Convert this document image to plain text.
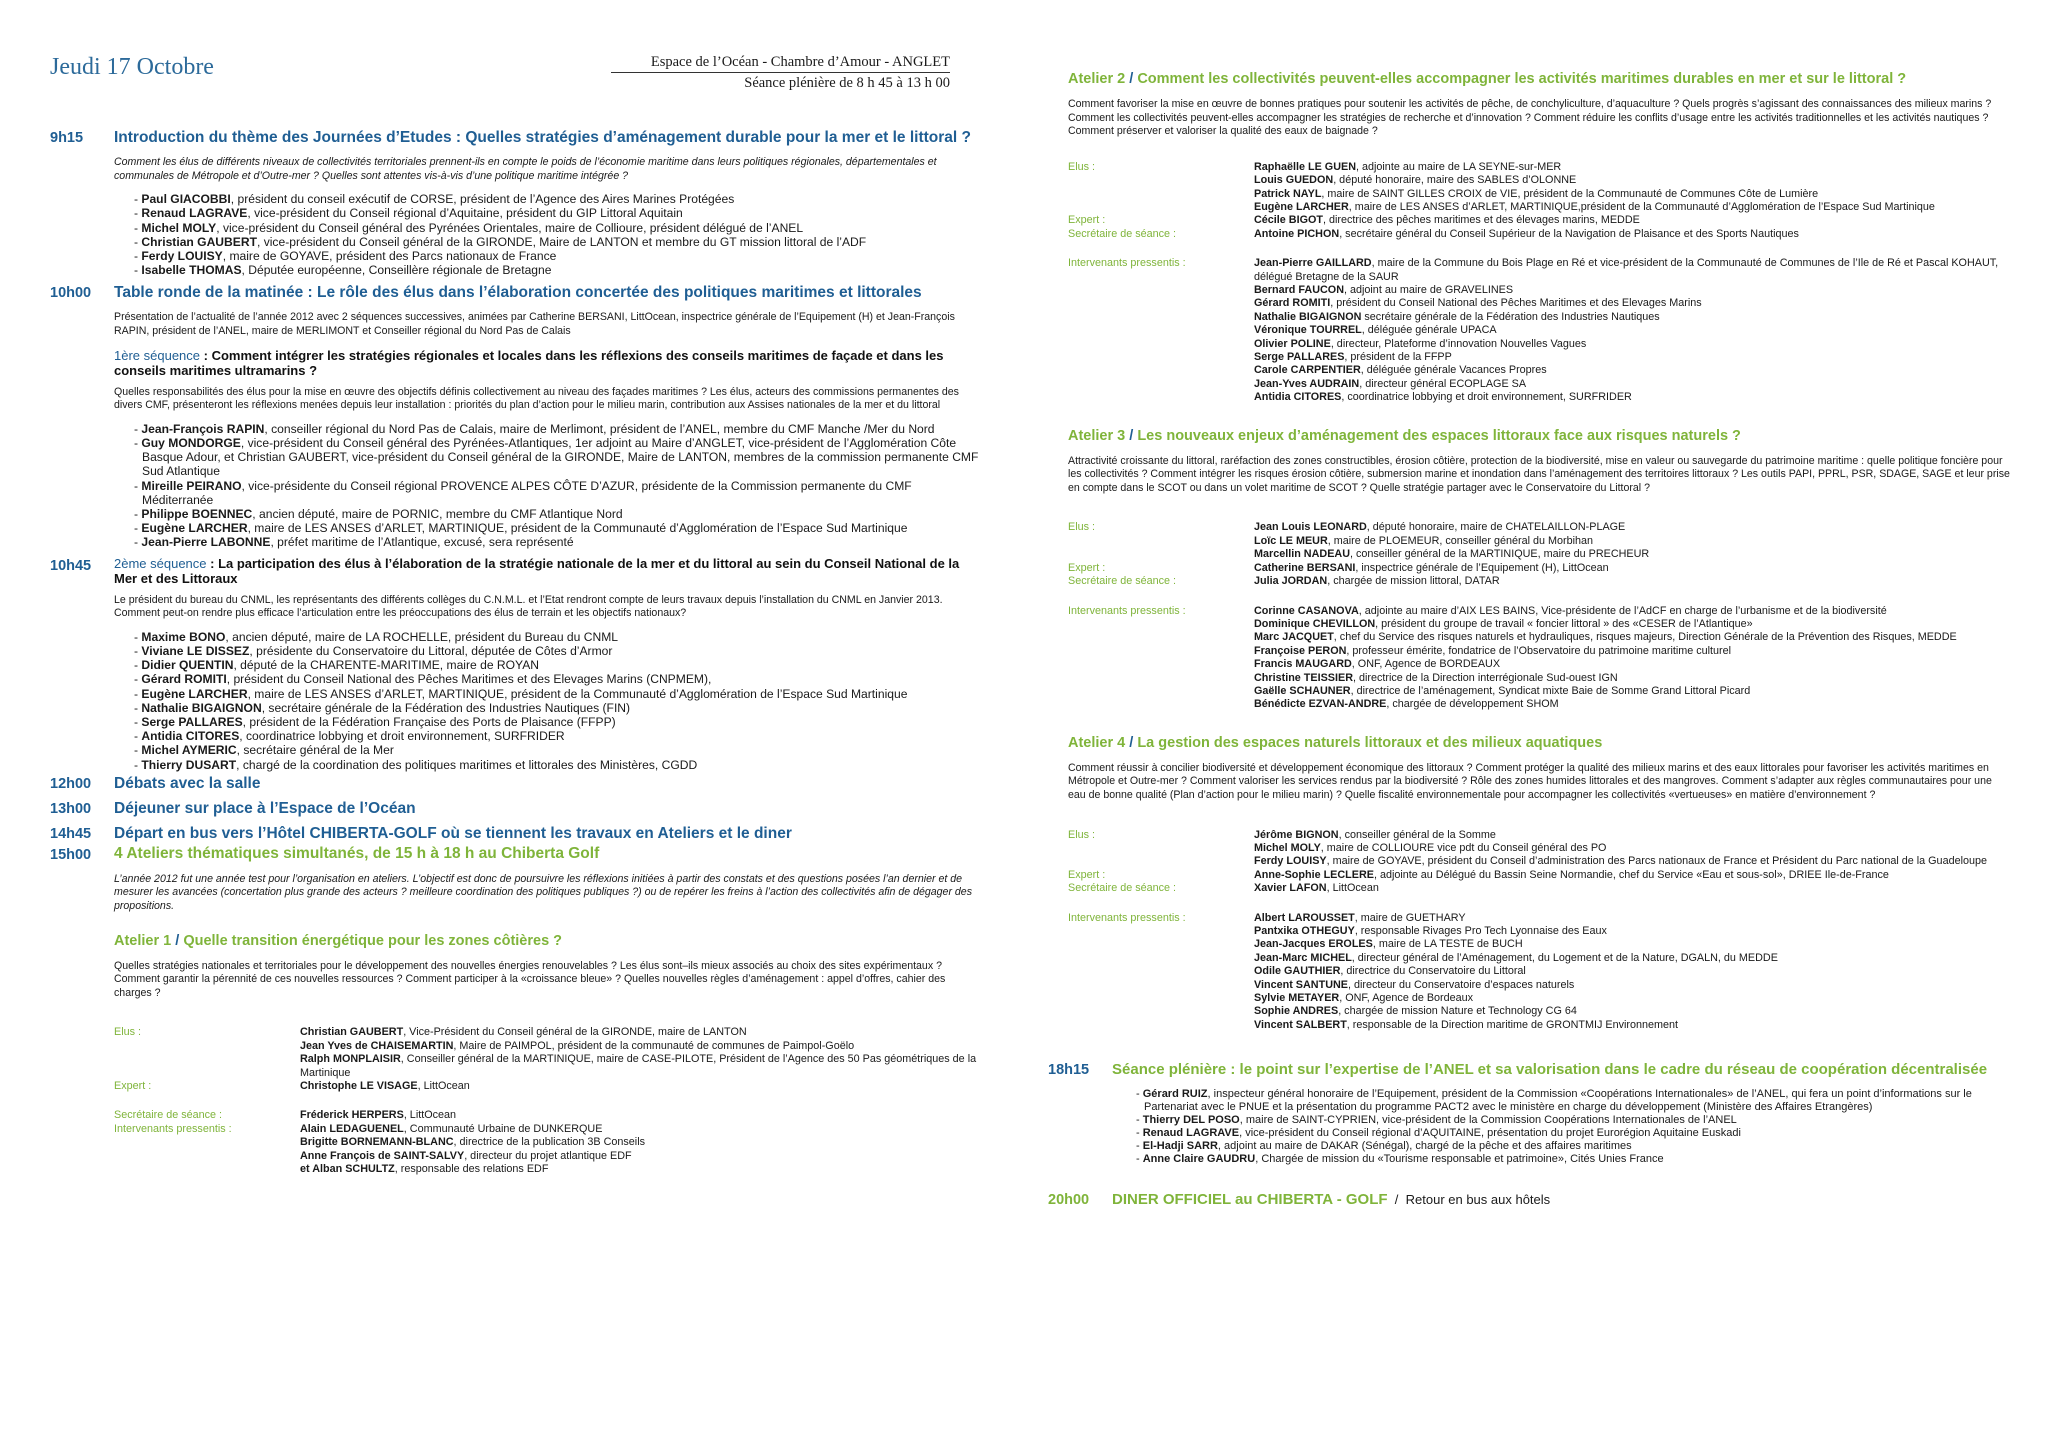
Jeudi 17 Octobre	Espace de l’Océan - Chambre d’Amour - ANGLET
Séance plénière de 8 h 45 à 13 h 00
9h15	Introduction du thème des Journées d’Etudes : Quelles stratégies d’aménagement durable pour la mer et le littoral ?
Comment les élus de différents niveaux de collectivités territoriales prennent-ils en compte le poids de l’économie maritime dans leurs politiques régionales, départementales et communales de Métropole et d’Outre-mer ? Quelles sont attentes vis-à-vis d’une politique maritime intégrée ?
- Paul GIACOBBI, président du conseil exécutif de CORSE, président de l’Agence des Aires Marines Protégées
- Renaud LAGRAVE, vice-président du Conseil régional d’Aquitaine, président du GIP Littoral Aquitain
- Michel MOLY, vice-président du Conseil général des Pyrénées Orientales, maire de Collioure, président délégué de l’ANEL
- Christian GAUBERT, vice-président du Conseil général de la GIRONDE, Maire de LANTON et membre du GT mission littoral de l’ADF
- Ferdy LOUISY, maire de GOYAVE, président des Parcs nationaux de France
- Isabelle THOMAS, Députée européenne, Conseillère régionale de Bretagne
10h00	Table ronde de la matinée : Le rôle des élus dans l’élaboration concertée des politiques maritimes et littorales
Présentation de l’actualité de l’année 2012 avec 2 séquences successives, animées par Catherine BERSANI, LittOcean, inspectrice générale de l’Equipement (H) et Jean-François RAPIN, président de l’ANEL, maire de MERLIMONT et Conseiller régional du Nord Pas de Calais
1ère séquence : Comment intégrer les stratégies régionales et locales dans les réflexions des conseils maritimes de façade et dans les conseils maritimes ultramarins ?
Quelles responsabilités des élus pour la mise en œuvre des objectifs définis collectivement au niveau des façades maritimes ? Les élus, acteurs des commissions permanentes des divers CMF, présenteront les réflexions menées depuis leur installation : priorités du plan d’action pour le milieu marin, contribution aux Assises nationales de la mer et du littoral
- Jean-François RAPIN, conseiller régional du Nord Pas de Calais, maire de Merlimont, président de l’ANEL, membre du CMF Manche /Mer du Nord
- Guy MONDORGE, vice-président du Conseil général des Pyrénées-Atlantiques, 1er adjoint au Maire d’ANGLET, vice-président de l’Agglomération Côte Basque Adour, et Christian GAUBERT, vice-président du Conseil général de la GIRONDE, Maire de LANTON, membres de la commission permanente CMF Sud Atlantique
- Mireille PEIRANO, vice-présidente du Conseil régional PROVENCE ALPES CÔTE D’AZUR, présidente de la Commission permanente du CMF Méditerranée
- Philippe BOENNEC, ancien député, maire de PORNIC, membre du CMF Atlantique Nord
- Eugène LARCHER, maire de LES ANSES d’ARLET, MARTINIQUE, président de la Communauté d’Agglomération de l’Espace Sud Martinique
- Jean-Pierre LABONNE, préfet maritime de l’Atlantique, excusé, sera représenté
10h45	2ème séquence : La participation des élus à l’élaboration de la stratégie nationale de la mer et du littoral au sein du Conseil National de la Mer et des Littoraux
Le président du bureau du CNML, les représentants des différents collèges du C.N.M.L. et l’Etat rendront compte de leurs travaux depuis l’installation du CNML en Janvier 2013. Comment peut-on rendre plus efficace l’articulation entre les préoccupations des élus de terrain et les objectifs nationaux?
- Maxime BONO, ancien député, maire de LA ROCHELLE, président du Bureau du CNML
- Viviane LE DISSEZ, présidente du Conservatoire du Littoral, députée de Côtes d’Armor
- Didier QUENTIN, député de la CHARENTE-MARITIME, maire de ROYAN
- Gérard ROMITI, président du Conseil National des Pêches Maritimes et des Elevages Marins (CNPMEM),
- Eugène LARCHER, maire de LES ANSES d’ARLET, MARTINIQUE, président de la Communauté d’Agglomération de l’Espace Sud Martinique
- Nathalie BIGAIGNON, secrétaire générale de la Fédération des Industries Nautiques (FIN)
- Serge PALLARES, président de la Fédération Française des Ports de Plaisance (FFPP)
- Antidia CITORES, coordinatrice lobbying et droit environnement, SURFRIDER
- Michel AYMERIC, secrétaire général de la Mer
- Thierry DUSART, chargé de la coordination des politiques maritimes et littorales des Ministères, CGDD
12h00	Débats avec la salle
13h00	Déjeuner sur place à l’Espace de l’Océan
14h45	Départ en bus vers l’Hôtel CHIBERTA-GOLF où se tiennent les travaux en Ateliers et le diner
15h00	4 Ateliers thématiques simultanés, de 15 h à 18 h au Chiberta Golf
L’année 2012 fut une année test pour l’organisation en ateliers. L’objectif est donc de poursuivre les réflexions initiées à partir des constats et des questions posées l’an dernier et de mesurer les avancées (concertation plus grande des acteurs ? meilleure coordination des politiques publiques ?) ou de repérer les freins à l’action des collectivités afin de dégager des propositions.
Atelier 1 / Quelle transition énergétique pour les zones côtières ?
Quelles stratégies nationales et territoriales pour le développement des nouvelles énergies renouvelables ? Les élus sont–ils mieux associés au choix des sites expérimentaux ? Comment garantir la pérennité de ces nouvelles ressources ? Comment participer à la «croissance bleue» ? Quelles nouvelles règles d’aménagement : appel d’offres, cahier des charges ?
Elus :	Christian GAUBERT, Vice-Président du Conseil général de la GIRONDE, maire de LANTON
Jean Yves de CHAISEMARTIN, Maire de PAIMPOL, président de la communauté de communes de Paimpol-Goëlo
Ralph MONPLAISIR, Conseiller général de la MARTINIQUE, maire de CASE-PILOTE, Président de l’Agence des 50 Pas géométriques de la Martinique
Expert :	Christophe LE VISAGE, LittOcean
Secrétaire de séance :	Fréderick HERPERS, LittOcean
Intervenants pressentis :	Alain LEDAGUENEL, Communauté Urbaine de DUNKERQUE
Brigitte BORNEMANN-BLANC, directrice de la publication 3B Conseils
Anne François de SAINT-SALVY, directeur du projet atlantique EDF
et Alban SCHULTZ, responsable des relations EDF
Atelier 2 / Comment les collectivités peuvent-elles accompagner les activités maritimes durables en mer et sur le littoral ?
Comment favoriser la mise en œuvre de bonnes pratiques pour soutenir les activités de pêche, de conchyliculture, d’aquaculture ? Quels progrès s’agissant des connaissances des milieux marins ? Comment les collectivités peuvent-elles accompagner les stratégies de recherche et d’innovation ? Comment réduire les conflits d’usage entre les activités traditionnelles et les activités nautiques ? Comment préserver et valoriser la qualité des eaux de baignade ?
Elus :	Raphaëlle LE GUEN, adjointe au maire de LA SEYNE-sur-MER
Louis GUEDON, député honoraire, maire des SABLES d’OLONNE
Patrick NAYL, maire de SAINT GILLES CROIX de VIE, président de la Communauté de Communes Côte de Lumière
Eugène LARCHER, maire de LES ANSES d’ARLET, MARTINIQUE,président de la Communauté d’Agglomération de l’Espace Sud Martinique
Expert :	Cécile BIGOT, directrice des pêches maritimes et des élevages marins, MEDDE
Secrétaire de séance :	Antoine PICHON, secrétaire général du Conseil Supérieur de la Navigation de Plaisance et des Sports Nautiques
Intervenants pressentis :	Jean-Pierre GAILLARD, maire de la Commune du Bois Plage en Ré et vice-président de la Communauté de Communes de l’Ile de Ré et Pascal KOHAUT, délégué Bretagne de la SAUR
Bernard FAUCON, adjoint au maire de GRAVELINES
Gérard ROMITI, président du Conseil National des Pêches Maritimes et des Elevages Marins
Nathalie BIGAIGNON secrétaire générale de la Fédération des Industries Nautiques
Véronique TOURREL, déléguée générale UPACA
Olivier POLINE, directeur, Plateforme d’innovation Nouvelles Vagues
Serge PALLARES, président de la FFPP
Carole CARPENTIER, déléguée générale Vacances Propres
Jean-Yves AUDRAIN, directeur général ECOPLAGE SA
Antidia CITORES, coordinatrice lobbying et droit environnement, SURFRIDER
Atelier 3 / Les nouveaux enjeux d’aménagement des espaces littoraux face aux risques naturels ?
Attractivité croissante du littoral, raréfaction des zones constructibles, érosion côtière, protection de la biodiversité, mise en valeur ou sauvegarde du patrimoine maritime : quelle politique foncière pour les collectivités ? Comment intégrer les risques érosion côtière, submersion marine et inondation dans l’aménagement des territoires littoraux ? Les outils PAPI, PPRL, PSR, SDAGE, SAGE et leur prise en compte dans le SCOT ou dans un volet maritime de SCOT ? Quelle stratégie partager avec le Conservatoire du Littoral ?
Elus :	Jean Louis LEONARD, député honoraire, maire de CHATELAILLON-PLAGE
Loïc LE MEUR, maire de PLOEMEUR, conseiller général du Morbihan
Marcellin NADEAU, conseiller général de la MARTINIQUE, maire du PRECHEUR
Expert :	Catherine BERSANI, inspectrice générale de l’Equipement (H), LittOcean
Secrétaire de séance :	Julia JORDAN, chargée de mission littoral, DATAR
Intervenants pressentis :	Corinne CASANOVA, adjointe au maire d’AIX LES BAINS, Vice-présidente de l’AdCF en charge de l’urbanisme et de la biodiversité
Dominique CHEVILLON, président du groupe de travail « foncier littoral » des «CESER de l’Atlantique»
Marc JACQUET, chef du Service des risques naturels et hydrauliques, risques majeurs, Direction Générale de la Prévention des Risques, MEDDE
Françoise PERON, professeur émérite, fondatrice de l’Observatoire du patrimoine maritime culturel
Francis MAUGARD, ONF, Agence de BORDEAUX
Christine TEISSIER, directrice de la Direction interrégionale Sud-ouest IGN
Gaëlle SCHAUNER, directrice de l’aménagement, Syndicat mixte Baie de Somme Grand Littoral Picard
Bénédicte EZVAN-ANDRE, chargée de développement SHOM
Atelier 4 / La gestion des espaces naturels littoraux et des milieux aquatiques
Comment réussir à concilier biodiversité et développement économique des littoraux ? Comment protéger la qualité des milieux marins et des eaux littorales pour favoriser les activités maritimes en Métropole et Outre-mer ? Comment valoriser les services rendus par la biodiversité ? Rôle des zones humides littorales et des mangroves. Comment s’adapter aux règles communautaires pour une eau de bonne qualité (Plan d’action pour le milieu marin) ? Quelle fiscalité environnementale pour accompagner les collectivités «vertueuses» en matière d’environnement ?
Elus :	Jérôme BIGNON, conseiller général de la Somme
Michel MOLY, maire de COLLIOURE vice pdt du Conseil général des PO
Ferdy LOUISY, maire de GOYAVE, président du Conseil d’administration des Parcs nationaux de France et Président du Parc national de la Guadeloupe
Expert :	Anne-Sophie LECLERE, adjointe au Délégué du Bassin Seine Normandie, chef du Service «Eau et sous-sol», DRIEE Ile-de-France
Secrétaire de séance :	Xavier LAFON, LittOcean
Intervenants pressentis :	Albert LAROUSSET, maire de GUETHARY
Pantxika OTHEGUY, responsable Rivages Pro Tech Lyonnaise des Eaux
Jean-Jacques EROLES, maire de LA TESTE de BUCH
Jean-Marc MICHEL, directeur général de l’Aménagement, du Logement et de la Nature, DGALN, du MEDDE
Odile GAUTHIER, directrice du Conservatoire du Littoral
Vincent SANTUNE, directeur du Conservatoire d’espaces naturels
Sylvie METAYER, ONF, Agence de Bordeaux
Sophie ANDRES, chargée de mission Nature et Technology CG 64
Vincent SALBERT, responsable de la Direction maritime de GRONTMIJ Environnement
18h15	Séance plénière : le point sur l’expertise de l’ANEL et sa valorisation dans le cadre du réseau de coopération décentralisée
- Gérard RUIZ, inspecteur général honoraire de l’Equipement, président de la Commission «Coopérations Internationales» de l’ANEL, qui fera un point d’informations sur le Partenariat avec le PNUE et la présentation du programme PACT2 avec le ministère en charge du développement (Ministère des Affaires Etrangères)
- Thierry DEL POSO, maire de SAINT-CYPRIEN, vice-président de la Commission Coopérations Internationales de l’ANEL
- Renaud LAGRAVE, vice-président du Conseil régional d’AQUITAINE, présentation du projet Eurorégion Aquitaine Euskadi
- El-Hadji SARR, adjoint au maire de DAKAR (Sénégal), chargé de la pêche et des affaires maritimes
- Anne Claire GAUDRU, Chargée de mission du «Tourisme responsable et patrimoine», Cités Unies France
20h00	DINER OFFICIEL au CHIBERTA - GOLF  /  Retour en bus aux hôtels
